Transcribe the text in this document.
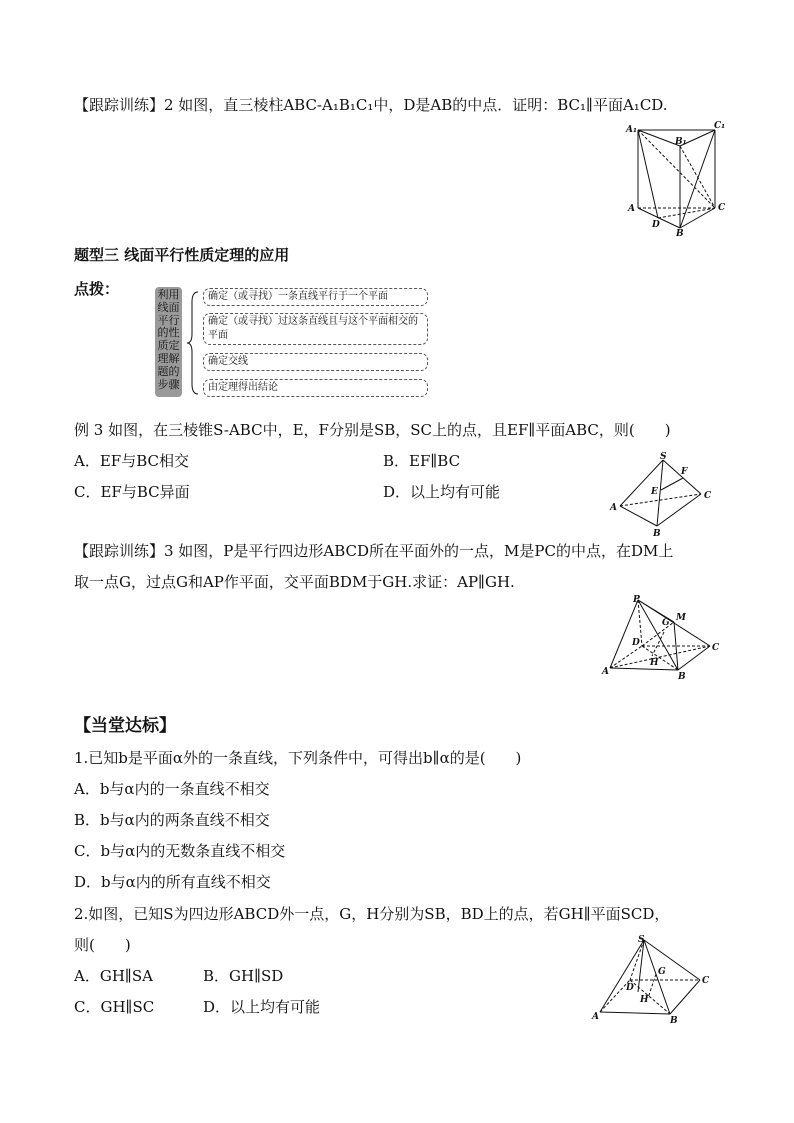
【跟踪训练】2 如图，直三棱柱ABC-A₁B₁C₁中，D是AB的中点．证明：BC₁∥平面A₁CD.
A₁
B₁
C₁
A
D
B
C
题型三 线面平行性质定理的应用
点拨：	利用
线面
平行
的性
质定
理解
题的
步骤
确定（或寻找）一条直线平行于一个平面
确定（或寻找）过这条直线且与这个平面相交的平面
确定交线
由定理得出结论
例 3 如图，在三棱锥S-ABC中，E，F分别是SB，SC上的点，且EF∥平面ABC，则(　　)
A．EF与BC相交	B．EF∥BC
C．EF与BC异面	D．以上均有可能
S
F
E
A
C
B
【跟踪训练】3 如图，P是平行四边形ABCD所在平面外的一点，M是PC的中点，在DM上
取一点G，过点G和AP作平面，交平面BDM于GH.求证：AP∥GH.
P
G M
D
H
C
A	B
【当堂达标】
1.已知b是平面α外的一条直线，下列条件中，可得出b∥α的是(　　)
A．b与α内的一条直线不相交
B．b与α内的两条直线不相交
C．b与α内的无数条直线不相交
D．b与α内的所有直线不相交
2.如图，已知S为四边形ABCD外一点，G，H分别为SB，BD上的点，若GH∥平面SCD，
则(　　)
A．GH∥SA	B．GH∥SD
C．GH∥SC	D．以上均有可能
S
G
C
D
H
A	B
